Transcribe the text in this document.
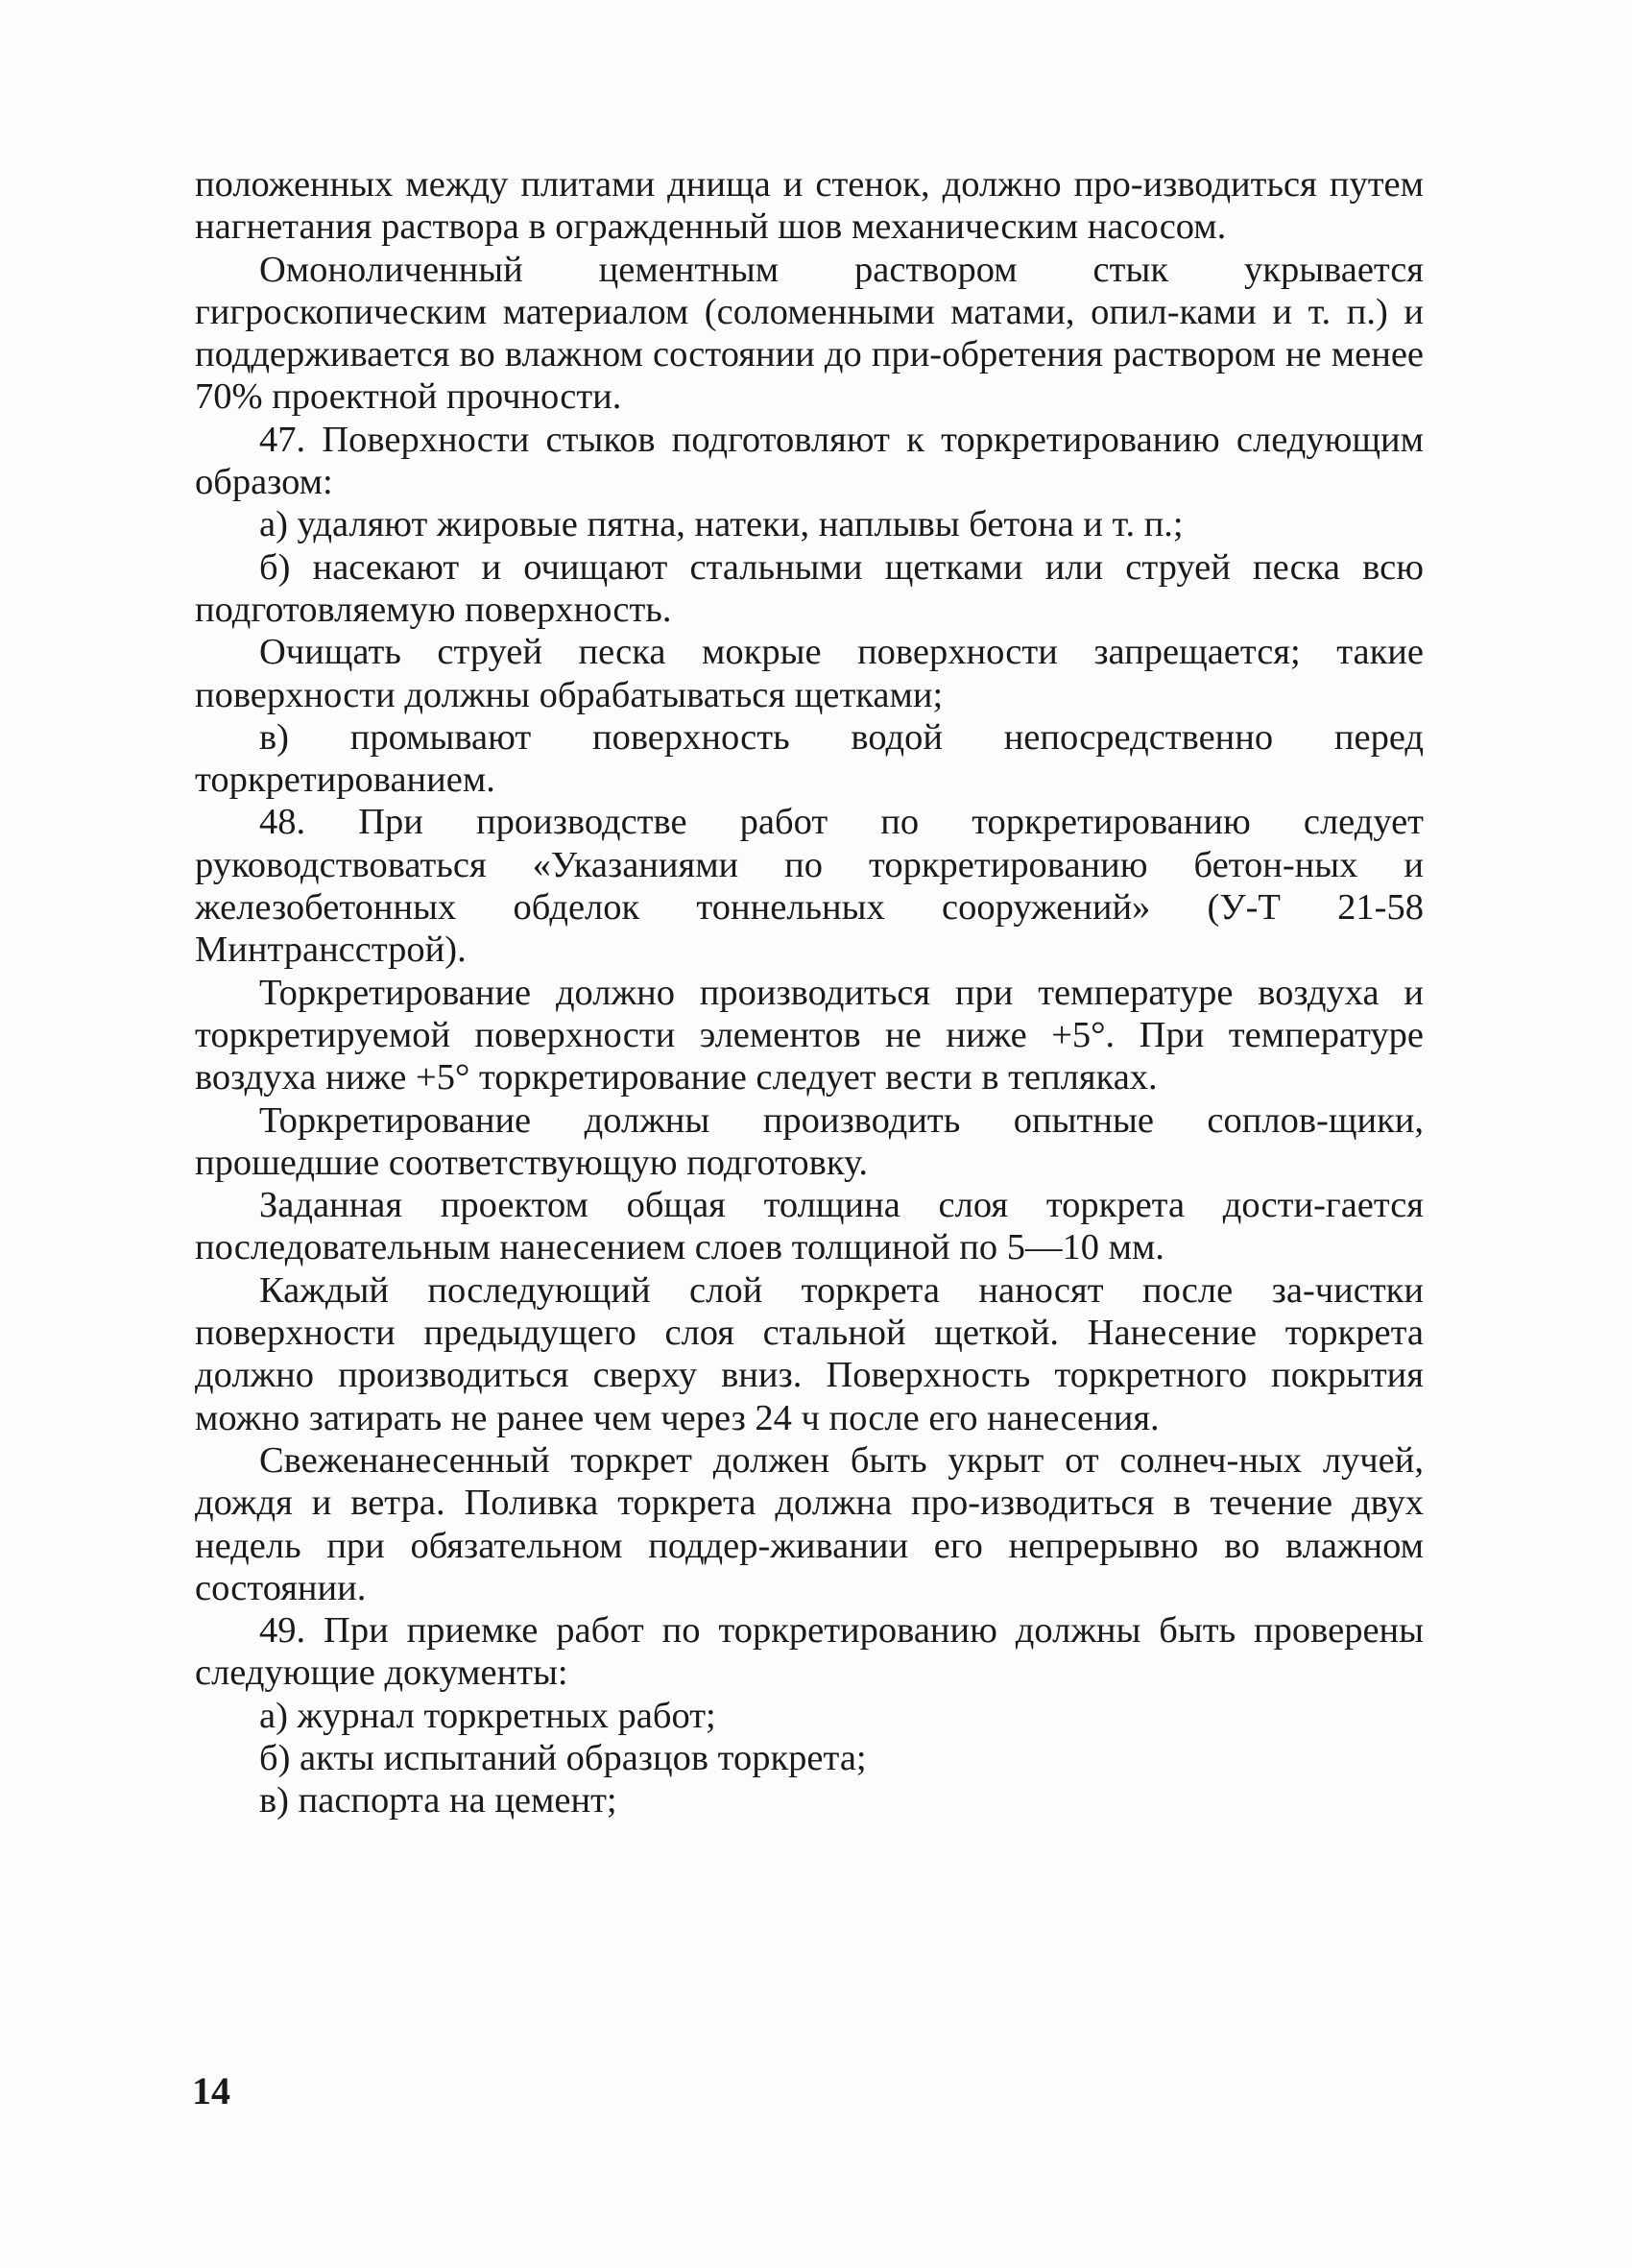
положенных между плитами днища и стенок, должно про-изводиться путем нагнетания раствора в огражденный шов механическим насосом.

Омоноличенный цементным раствором стык укрывается гигроскопическим материалом (соломенными матами, опил-ками и т. п.) и поддерживается во влажном состоянии до при-обретения раствором не менее 70% проектной прочности.

47. Поверхности стыков подготовляют к торкретированию следующим образом:

а) удаляют жировые пятна, натеки, наплывы бетона и т. п.;

б) насекают и очищают стальными щетками или струей песка всю подготовляемую поверхность.

Очищать струей песка мокрые поверхности запрещается; такие поверхности должны обрабатываться щетками;

в) промывают поверхность водой непосредственно перед торкретированием.

48. При производстве работ по торкретированию следует руководствоваться «Указаниями по торкретированию бетон-ных и железобетонных обделок тоннельных сооружений» (У-Т 21-58 Минтрансстрой).

Торкретирование должно производиться при температуре воздуха и торкретируемой поверхности элементов не ниже +5°. При температуре воздуха ниже +5° торкретирование следует вести в тепляках.

Торкретирование должны производить опытные соплов-щики, прошедшие соответствующую подготовку.

Заданная проектом общая толщина слоя торкрета дости-гается последовательным нанесением слоев толщиной по 5—10 мм.

Каждый последующий слой торкрета наносят после за-чистки поверхности предыдущего слоя стальной щеткой. Нанесение торкрета должно производиться сверху вниз. Поверхность торкретного покрытия можно затирать не ранее чем через 24 ч после его нанесения.

Свеженанесенный торкрет должен быть укрыт от солнеч-ных лучей, дождя и ветра. Поливка торкрета должна про-изводиться в течение двух недель при обязательном поддер-живании его непрерывно во влажном состоянии.

49. При приемке работ по торкретированию должны быть проверены следующие документы:

а) журнал торкретных работ;

б) акты испытаний образцов торкрета;

в) паспорта на цемент;

14
